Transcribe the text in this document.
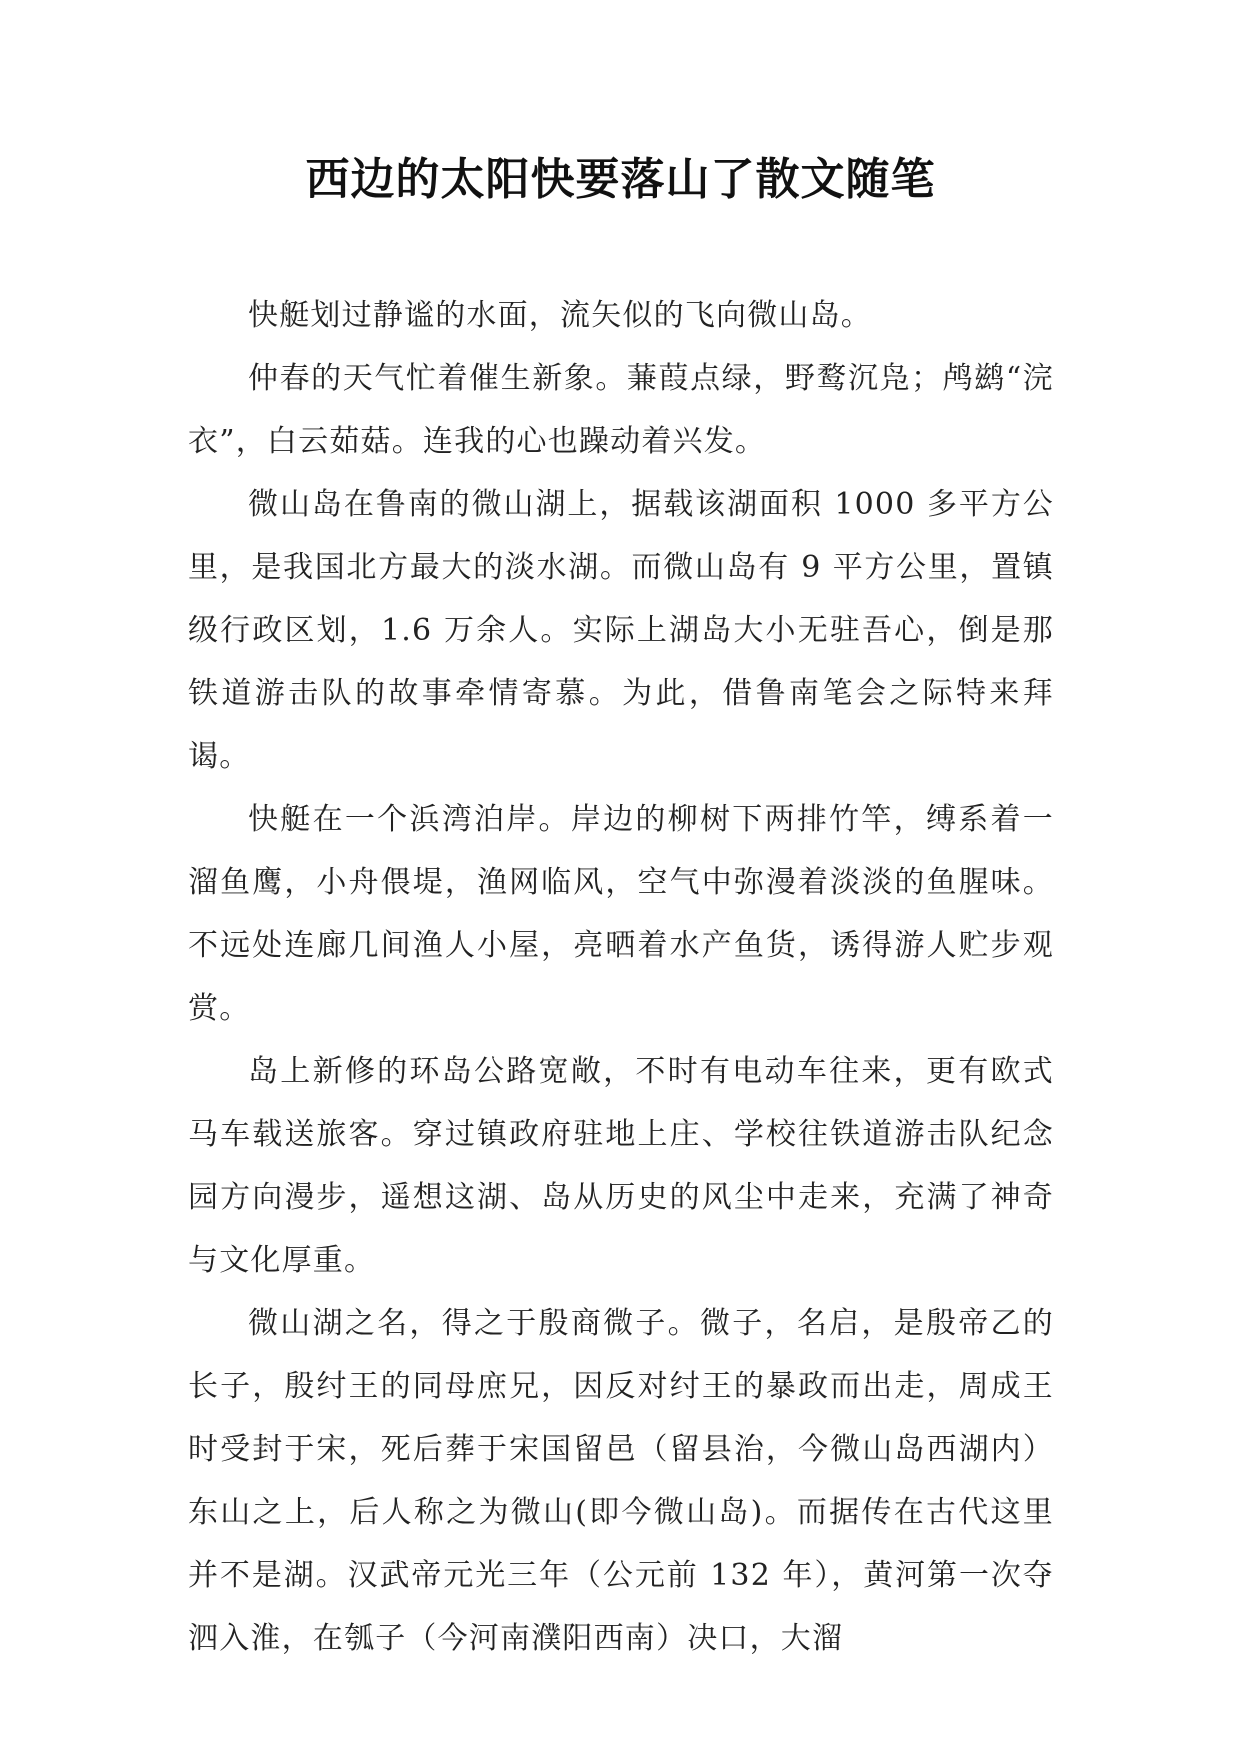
西边的太阳快要落山了散文随笔

快艇划过静谧的水面，流矢似的飞向微山岛。

仲春的天气忙着催生新象。蒹葭点绿，野鹜沉凫；鸬鹚“浣衣”，白云茹菇。连我的心也躁动着兴发。

微山岛在鲁南的微山湖上，据载该湖面积 1000 多平方公里，是我国北方最大的淡水湖。而微山岛有 9 平方公里，置镇级行政区划，1.6 万余人。实际上湖岛大小无驻吾心，倒是那铁道游击队的故事牵情寄慕。为此，借鲁南笔会之际特来拜谒。

快艇在一个浜湾泊岸。岸边的柳树下两排竹竿，缚系着一溜鱼鹰，小舟偎堤，渔网临风，空气中弥漫着淡淡的鱼腥味。不远处连廊几间渔人小屋，亮晒着水产鱼货，诱得游人贮步观赏。

岛上新修的环岛公路宽敞，不时有电动车往来，更有欧式马车载送旅客。穿过镇政府驻地上庄、学校往铁道游击队纪念园方向漫步，遥想这湖、岛从历史的风尘中走来，充满了神奇与文化厚重。

微山湖之名，得之于殷商微子。微子，名启，是殷帝乙的长子，殷纣王的同母庶兄，因反对纣王的暴政而出走，周成王时受封于宋，死后葬于宋国留邑（留县治，今微山岛西湖内）东山之上，后人称之为微山(即今微山岛)。而据传在古代这里并不是湖。汉武帝元光三年（公元前 132 年），黄河第一次夺泗入淮，在瓠子（今河南濮阳西南）决口，大溜
